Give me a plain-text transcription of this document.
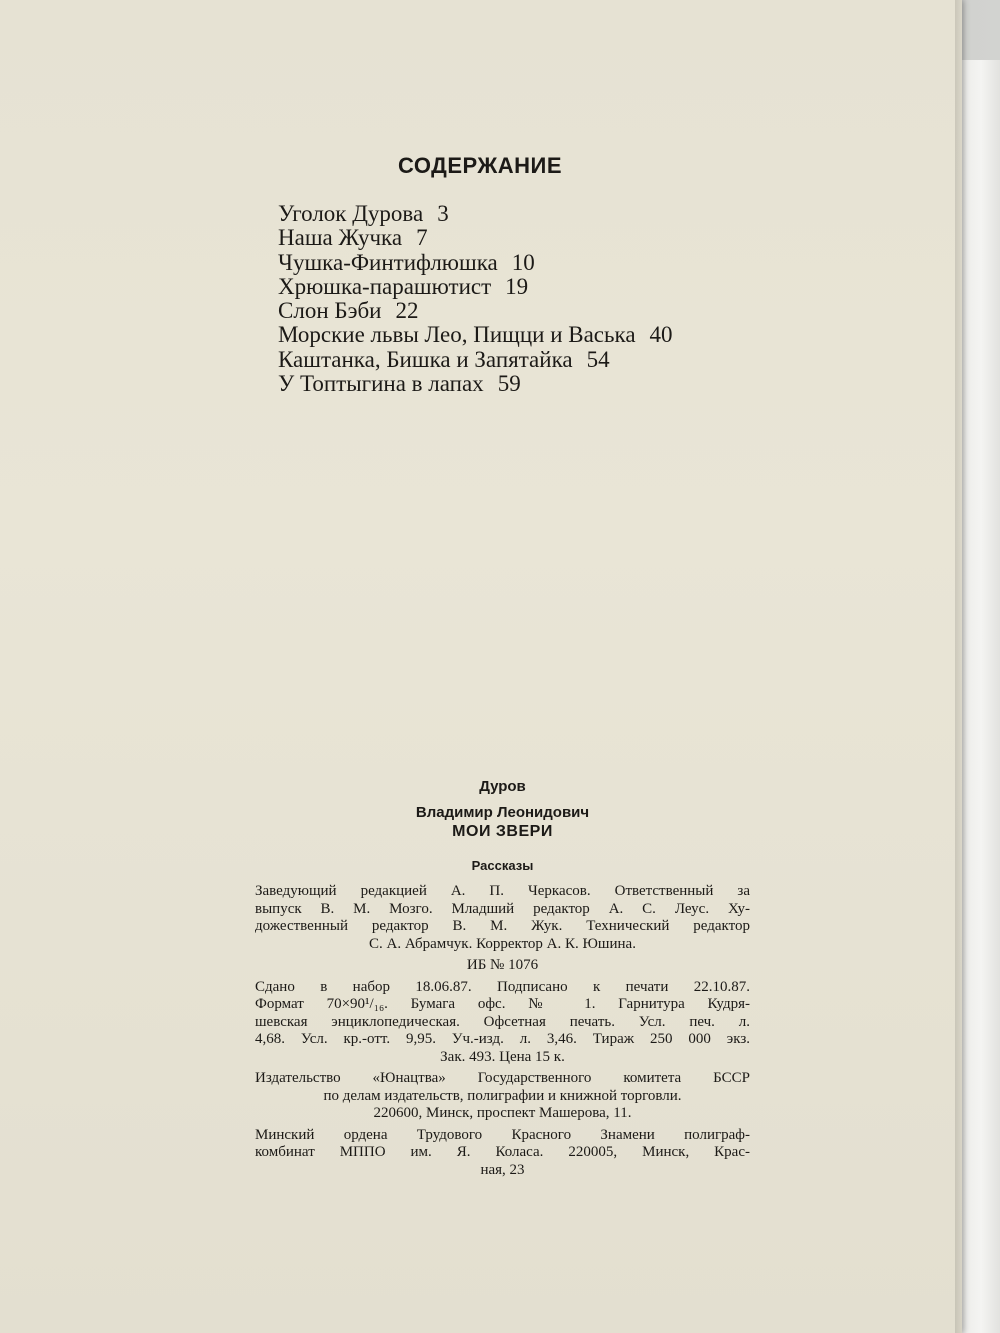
СОДЕРЖАНИЕ
Уголок Дурова 3
Наша Жучка 7
Чушка-Финтифлюшка 10
Хрюшка-парашютист 19
Слон Бэби 22
Морские львы Лео, Пищци и Васька 40
Каштанка, Бишка и Запятайка 54
У Топтыгина в лапах 59
Дуров
Владимир Леонидович
МОИ ЗВЕРИ
Рассказы
Заведующий редакцией А. П. Черкасов. Ответственный за
выпуск В. М. Мозго. Младший редактор А. С. Леус. Ху-
дожественный редактор В. М. Жук. Технический редактор
С. А. Абрамчук. Корректор А. К. Юшина.
ИБ № 1076
Сдано в набор 18.06.87. Подписано к печати 22.10.87.
Формат 70×90¹/₁₆. Бумага офс. № 1. Гарнитура Кудря-
шевская энциклопедическая. Офсетная печать. Усл. печ. л.
4,68. Усл. кр.-отт. 9,95. Уч.-изд. л. 3,46. Тираж 250 000 экз.
Зак. 493. Цена 15 к.
Издательство «Юнацтва» Государственного комитета БССР
по делам издательств, полиграфии и книжной торговли.
220600, Минск, проспект Машерова, 11.
Минский ордена Трудового Красного Знамени полиграф-
комбинат МППО им. Я. Коласа. 220005, Минск, Крас-
ная, 23
